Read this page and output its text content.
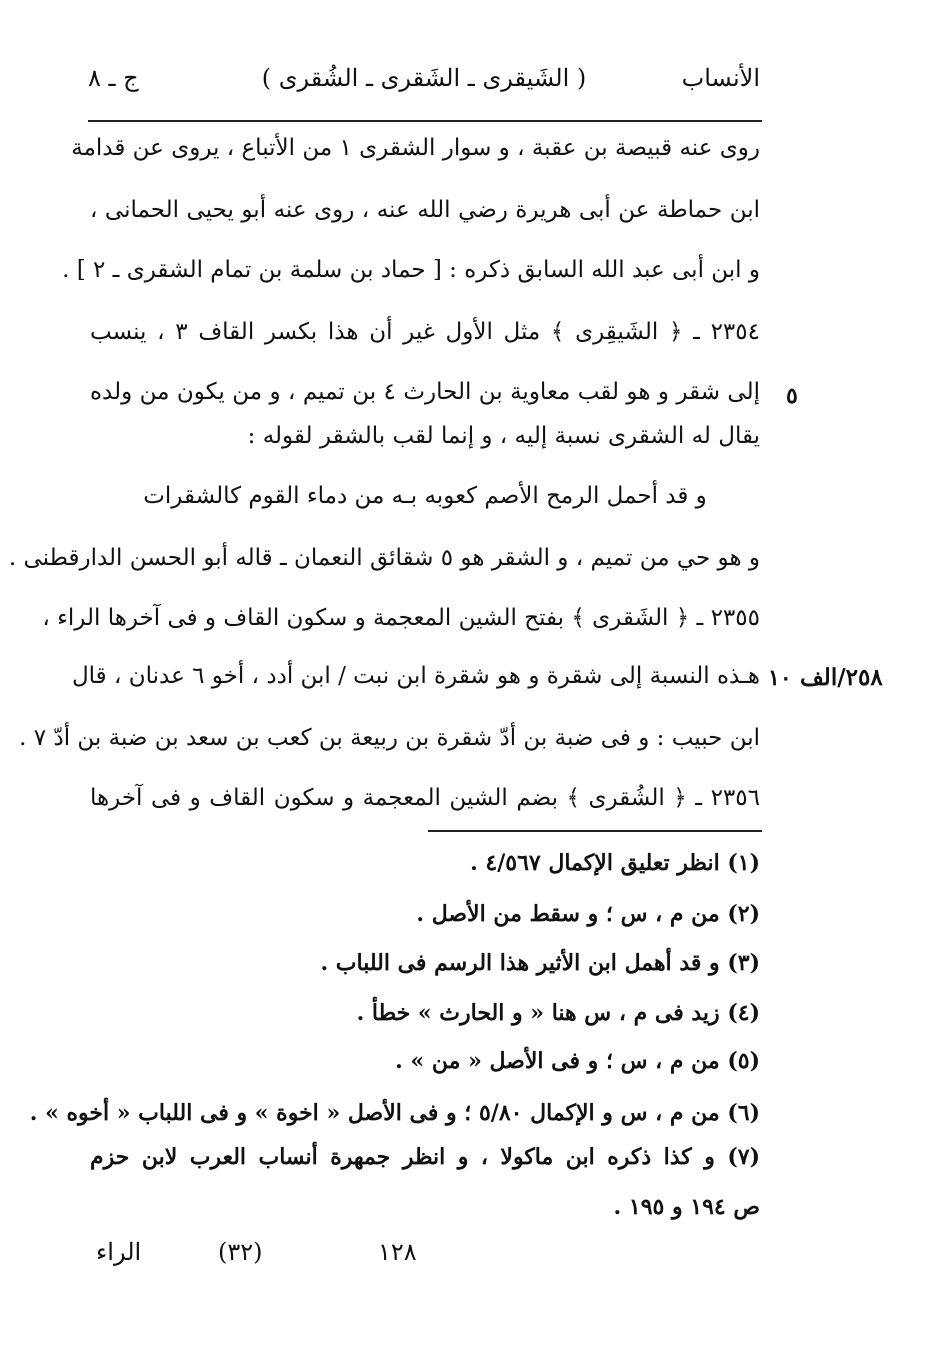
الأنساب
( الشَيقرى ـ الشَقرى ـ الشُقرى )
ج ـ ٨
روى عنه قبيصة بن عقبة ، و سوار الشقرى ١ من الأتباع ، يروى عن قدامة
ابن حماطة عن أبى هريرة رضي الله عنه ، روى عنه أبو يحيى الحمانى ،
و ابن أبى عبد الله السابق ذكره : [ حماد بن سلمة بن تمام الشقرى ـ ٢ ] .
٢٣٥٤ ـ ﴿ الشَيقِرى ﴾ مثل الأول غير أن هذا بكسر القاف ٣ ، ينسب
إلى شقر و هو لقب معاوية بن الحارث ٤ بن تميم ، و من يكون من ولده
يقال له الشقرى نسبة إليه ، و إنما لقب بالشقر لقوله :
و قد أحمل الرمح الأصم كعوبه بـه من دماء القوم كالشقرات
و هو حي من تميم ، و الشقر هو ٥ شقائق النعمان ـ قاله أبو الحسن الدارقطنى .
٢٣٥٥ ـ ﴿ الشَقرى ﴾ بفتح الشين المعجمة و سكون القاف و فى آخرها الراء ،
هـذه النسبة إلى شقرة و هو شقرة ابن نبت / ابن أدد ، أخو ٦ عدنان ، قال
ابن حبيب : و فى ضبة بن أدّ شقرة بن ربيعة بن كعب بن سعد بن ضبة بن أدّ ٧ .
٢٣٥٦ ـ ﴿ الشُقرى ﴾ بضم الشين المعجمة و سكون القاف و فى آخرها
٥
١٠ ٢٥٨/الف
(١) انظر تعليق الإكمال ٤/٥٦٧ .
(٢) من م ، س ؛ و سقط من الأصل .
(٣) و قد أهمل ابن الأثير هذا الرسم فى اللباب .
(٤) زيد فى م ، س هنا « و الحارث » خطأ .
(٥) من م ، س ؛ و فى الأصل « من » .
(٦) من م ، س و الإكمال ٥/٨٠ ؛ و فى الأصل « اخوة » و فى اللباب « أخوه » .
(٧) و كذا ذكره ابن ماكولا ، و انظر جمهرة أنساب العرب لابن حزم
ص ١٩٤ و ١٩٥ .
١٢٨
(٣٢)
الراء
